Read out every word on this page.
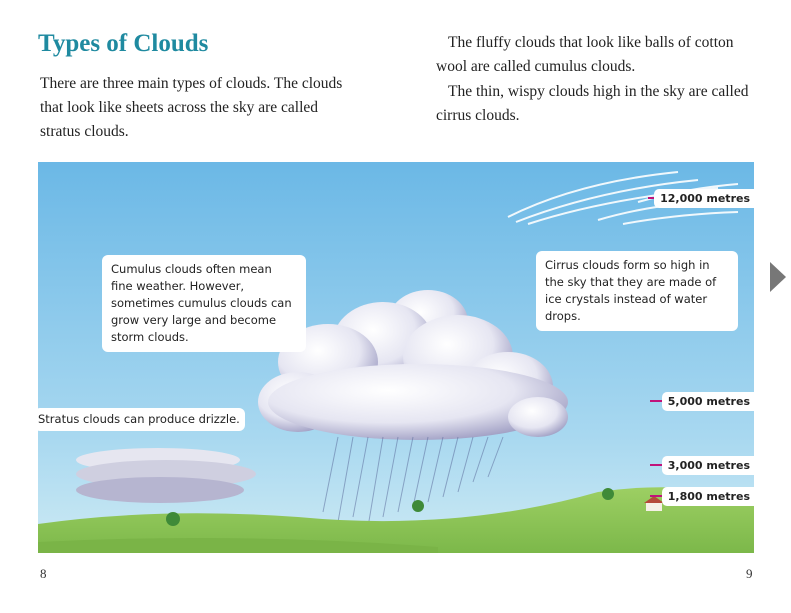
Types of Clouds

There are three main types of clouds. The clouds that look like sheets across the sky are called stratus clouds.

The fluffy clouds that look like balls of cotton wool are called cumulus clouds.

The thin, wispy clouds high in the sky are called cirrus clouds.

Cumulus clouds often mean fine weather. However, sometimes cumulus clouds can grow very large and become storm clouds.
Cirrus clouds form so high in the sky that they are made of ice crystals instead of water drops.
Stratus clouds can produce drizzle.
12,000 metres
5,000 metres
3,000 metres
1,800 metres
8	9
